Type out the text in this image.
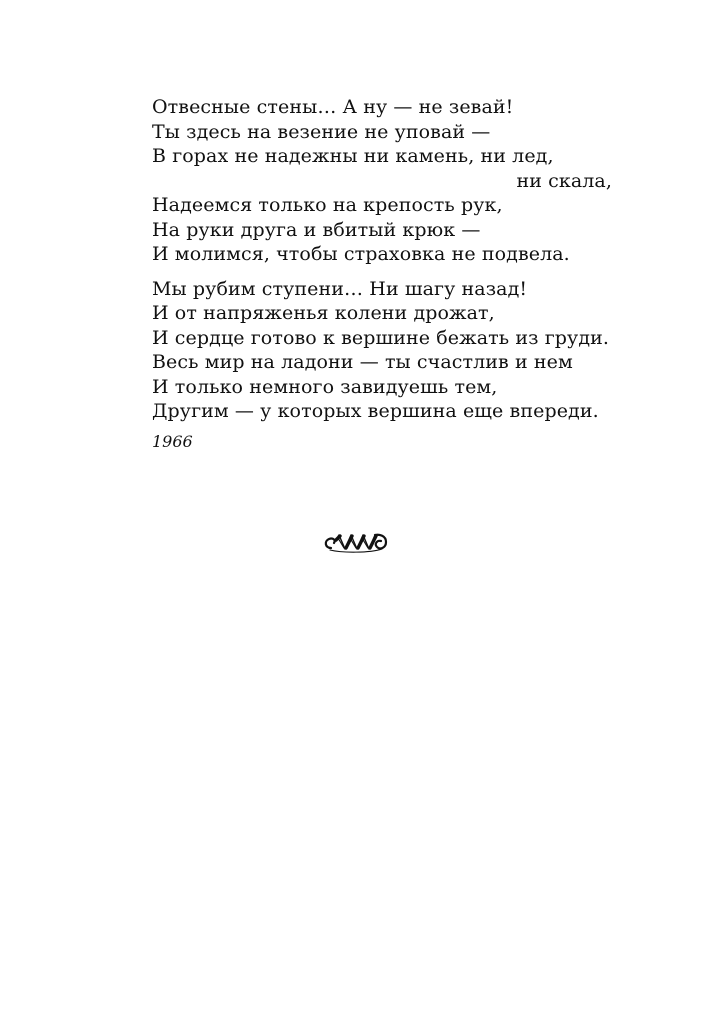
Отвесные стены… А ну — не зевай!
Ты здесь на везение не уповай —
В горах не надежны ни камень, ни лед,
ни скала,
Надеемся только на крепость рук,
На руки друга и вбитый крюк —
И молимся, чтобы страховка не подвела.
Мы рубим ступени… Ни шагу назад!
И от напряженья колени дрожат,
И сердце готово к вершине бежать из груди.
Весь мир на ладони — ты счастлив и нем
И только немного завидуешь тем,
Другим — у которых вершина еще впереди.
1966
